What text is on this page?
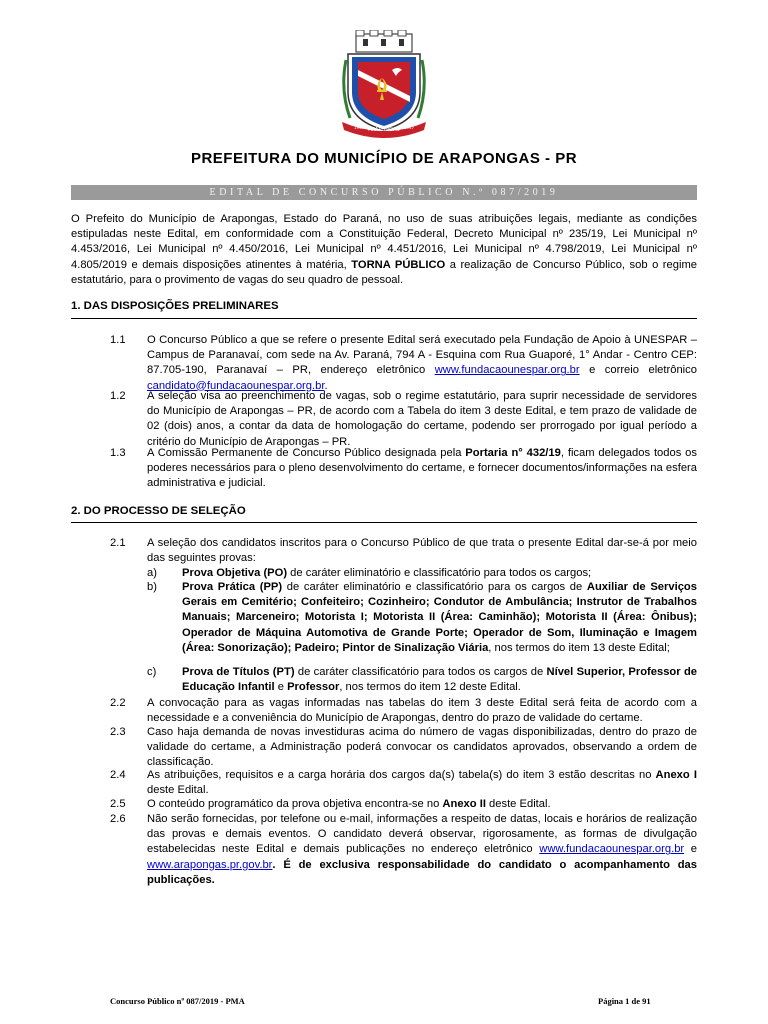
ARAPONGAS
1947	1947
PREFEITURA DO MUNICÍPIO DE ARAPONGAS - PR
EDITAL DE CONCURSO PÚBLICO N.º 087/2019
O Prefeito do Município de Arapongas, Estado do Paraná, no uso de suas atribuições legais, mediante as condições estipuladas neste Edital, em conformidade com a Constituição Federal, Decreto Municipal nº 235/19, Lei Municipal nº 4.453/2016, Lei Municipal nº 4.450/2016, Lei Municipal nº 4.451/2016, Lei Municipal nº 4.798/2019, Lei Municipal nº 4.805/2019 e demais disposições atinentes à matéria, TORNA PÚBLICO a realização de Concurso Público, sob o regime estatutário, para o provimento de vagas do seu quadro de pessoal.
1. DAS DISPOSIÇÕES PRELIMINARES
1.1 O Concurso Público a que se refere o presente Edital será executado pela Fundação de Apoio à UNESPAR – Campus de Paranavaí, com sede na Av. Paraná, 794 A - Esquina com Rua Guaporé, 1° Andar - Centro CEP: 87.705-190, Paranavaí – PR, endereço eletrônico www.fundacaounespar.org.br e correio eletrônico candidato@fundacaounespar.org.br.
1.2 A seleção visa ao preenchimento de vagas, sob o regime estatutário, para suprir necessidade de servidores do Município de Arapongas – PR, de acordo com a Tabela do item 3 deste Edital, e tem prazo de validade de 02 (dois) anos, a contar da data de homologação do certame, podendo ser prorrogado por igual período a critério do Município de Arapongas – PR.
1.3 A Comissão Permanente de Concurso Público designada pela Portaria n° 432/19, ficam delegados todos os poderes necessários para o pleno desenvolvimento do certame, e fornecer documentos/informações na esfera administrativa e judicial.
2. DO PROCESSO DE SELEÇÃO
2.1 A seleção dos candidatos inscritos para o Concurso Público de que trata o presente Edital dar-se-á por meio das seguintes provas:
a) Prova Objetiva (PO) de caráter eliminatório e classificatório para todos os cargos;
b) Prova Prática (PP) de caráter eliminatório e classificatório para os cargos de Auxiliar de Serviços Gerais em Cemitério; Confeiteiro; Cozinheiro; Condutor de Ambulância; Instrutor de Trabalhos Manuais; Marceneiro; Motorista I; Motorista II (Área: Caminhão); Motorista II (Área: Ônibus); Operador de Máquina Automotiva de Grande Porte; Operador de Som, Iluminação e Imagem (Área: Sonorização); Padeiro; Pintor de Sinalização Viária, nos termos do item 13 deste Edital;
c) Prova de Títulos (PT) de caráter classificatório para todos os cargos de Nível Superior, Professor de Educação Infantil e Professor, nos termos do item 12 deste Edital.
2.2 A convocação para as vagas informadas nas tabelas do item 3 deste Edital será feita de acordo com a necessidade e a conveniência do Município de Arapongas, dentro do prazo de validade do certame.
2.3 Caso haja demanda de novas investiduras acima do número de vagas disponibilizadas, dentro do prazo de validade do certame, a Administração poderá convocar os candidatos aprovados, observando a ordem de classificação.
2.4 As atribuições, requisitos e a carga horária dos cargos da(s) tabela(s) do item 3 estão descritas no Anexo I deste Edital.
2.5 O conteúdo programático da prova objetiva encontra-se no Anexo II deste Edital.
2.6 Não serão fornecidas, por telefone ou e-mail, informações a respeito de datas, locais e horários de realização das provas e demais eventos. O candidato deverá observar, rigorosamente, as formas de divulgação estabelecidas neste Edital e demais publicações no endereço eletrônico www.fundacaounespar.org.br e www.arapongas.pr.gov.br. É de exclusiva responsabilidade do candidato o acompanhamento das publicações.
Concurso Público nº 087/2019 - PMA	Página 1 de 91
